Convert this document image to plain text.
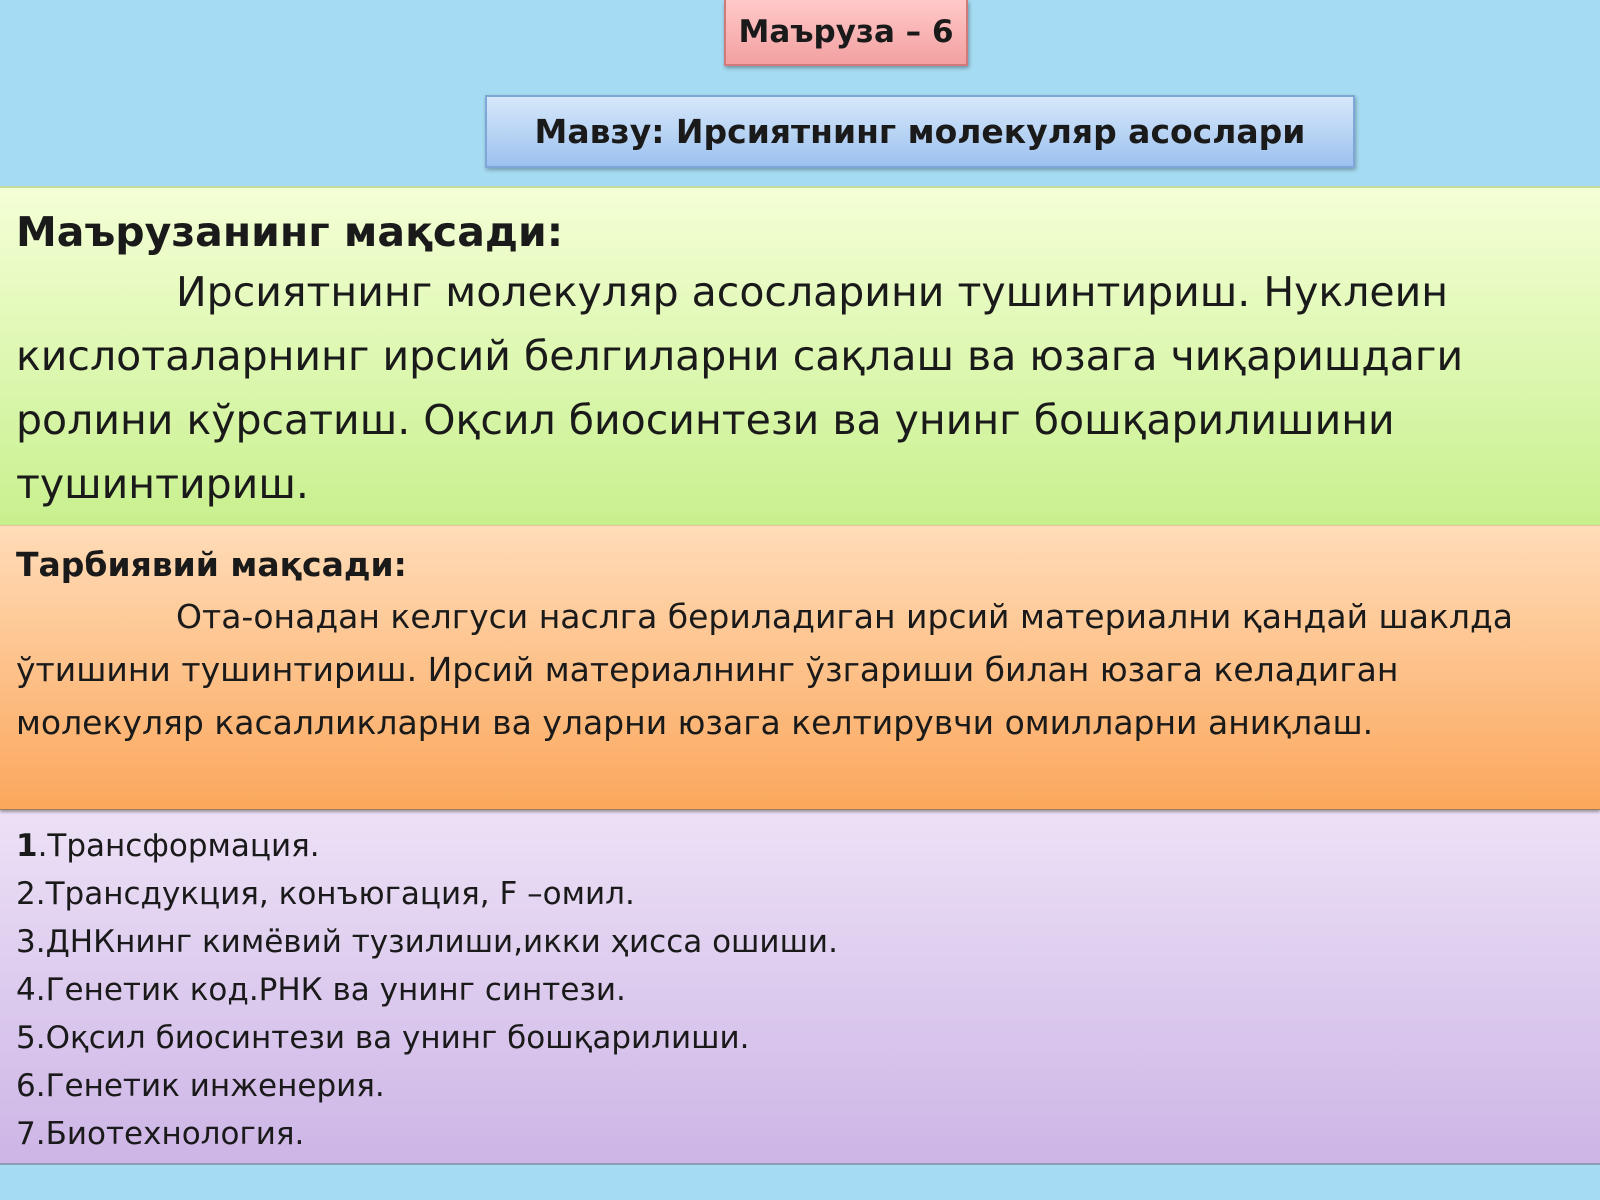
Маъруза – 6
Мавзу: Ирсиятнинг молекуляр асослари
1.Трансформация.
2.Трансдукция, конъюгация, F –омил.
3.ДНКнинг кимёвий тузилиши,икки ҳисса ошиши.
4.Генетик код.РНК ва унинг синтези.
5.Оқсил биосинтези ва унинг бошқарилиши.
6.Генетик инженерия.
7.Биотехнология.

Маърузанинг мақсади:

Ирсиятнинг молекуляр асосларини тушинтириш. Нуклеин кислоталарнинг ирсий белгиларни сақлаш ва юзага чиқаришдаги ролини кўрсатиш. Оқсил биосинтези ва унинг бошқарилишини тушинтириш.

Тарбиявий мақсади:

Ота-онадан келгуси наслга бериладиган ирсий материални қандай шаклда ўтишини тушинтириш. Ирсий материалнинг ўзгариши билан юзага келадиган молекуляр касалликларни ва уларни юзага келтирувчи омилларни аниқлаш.
